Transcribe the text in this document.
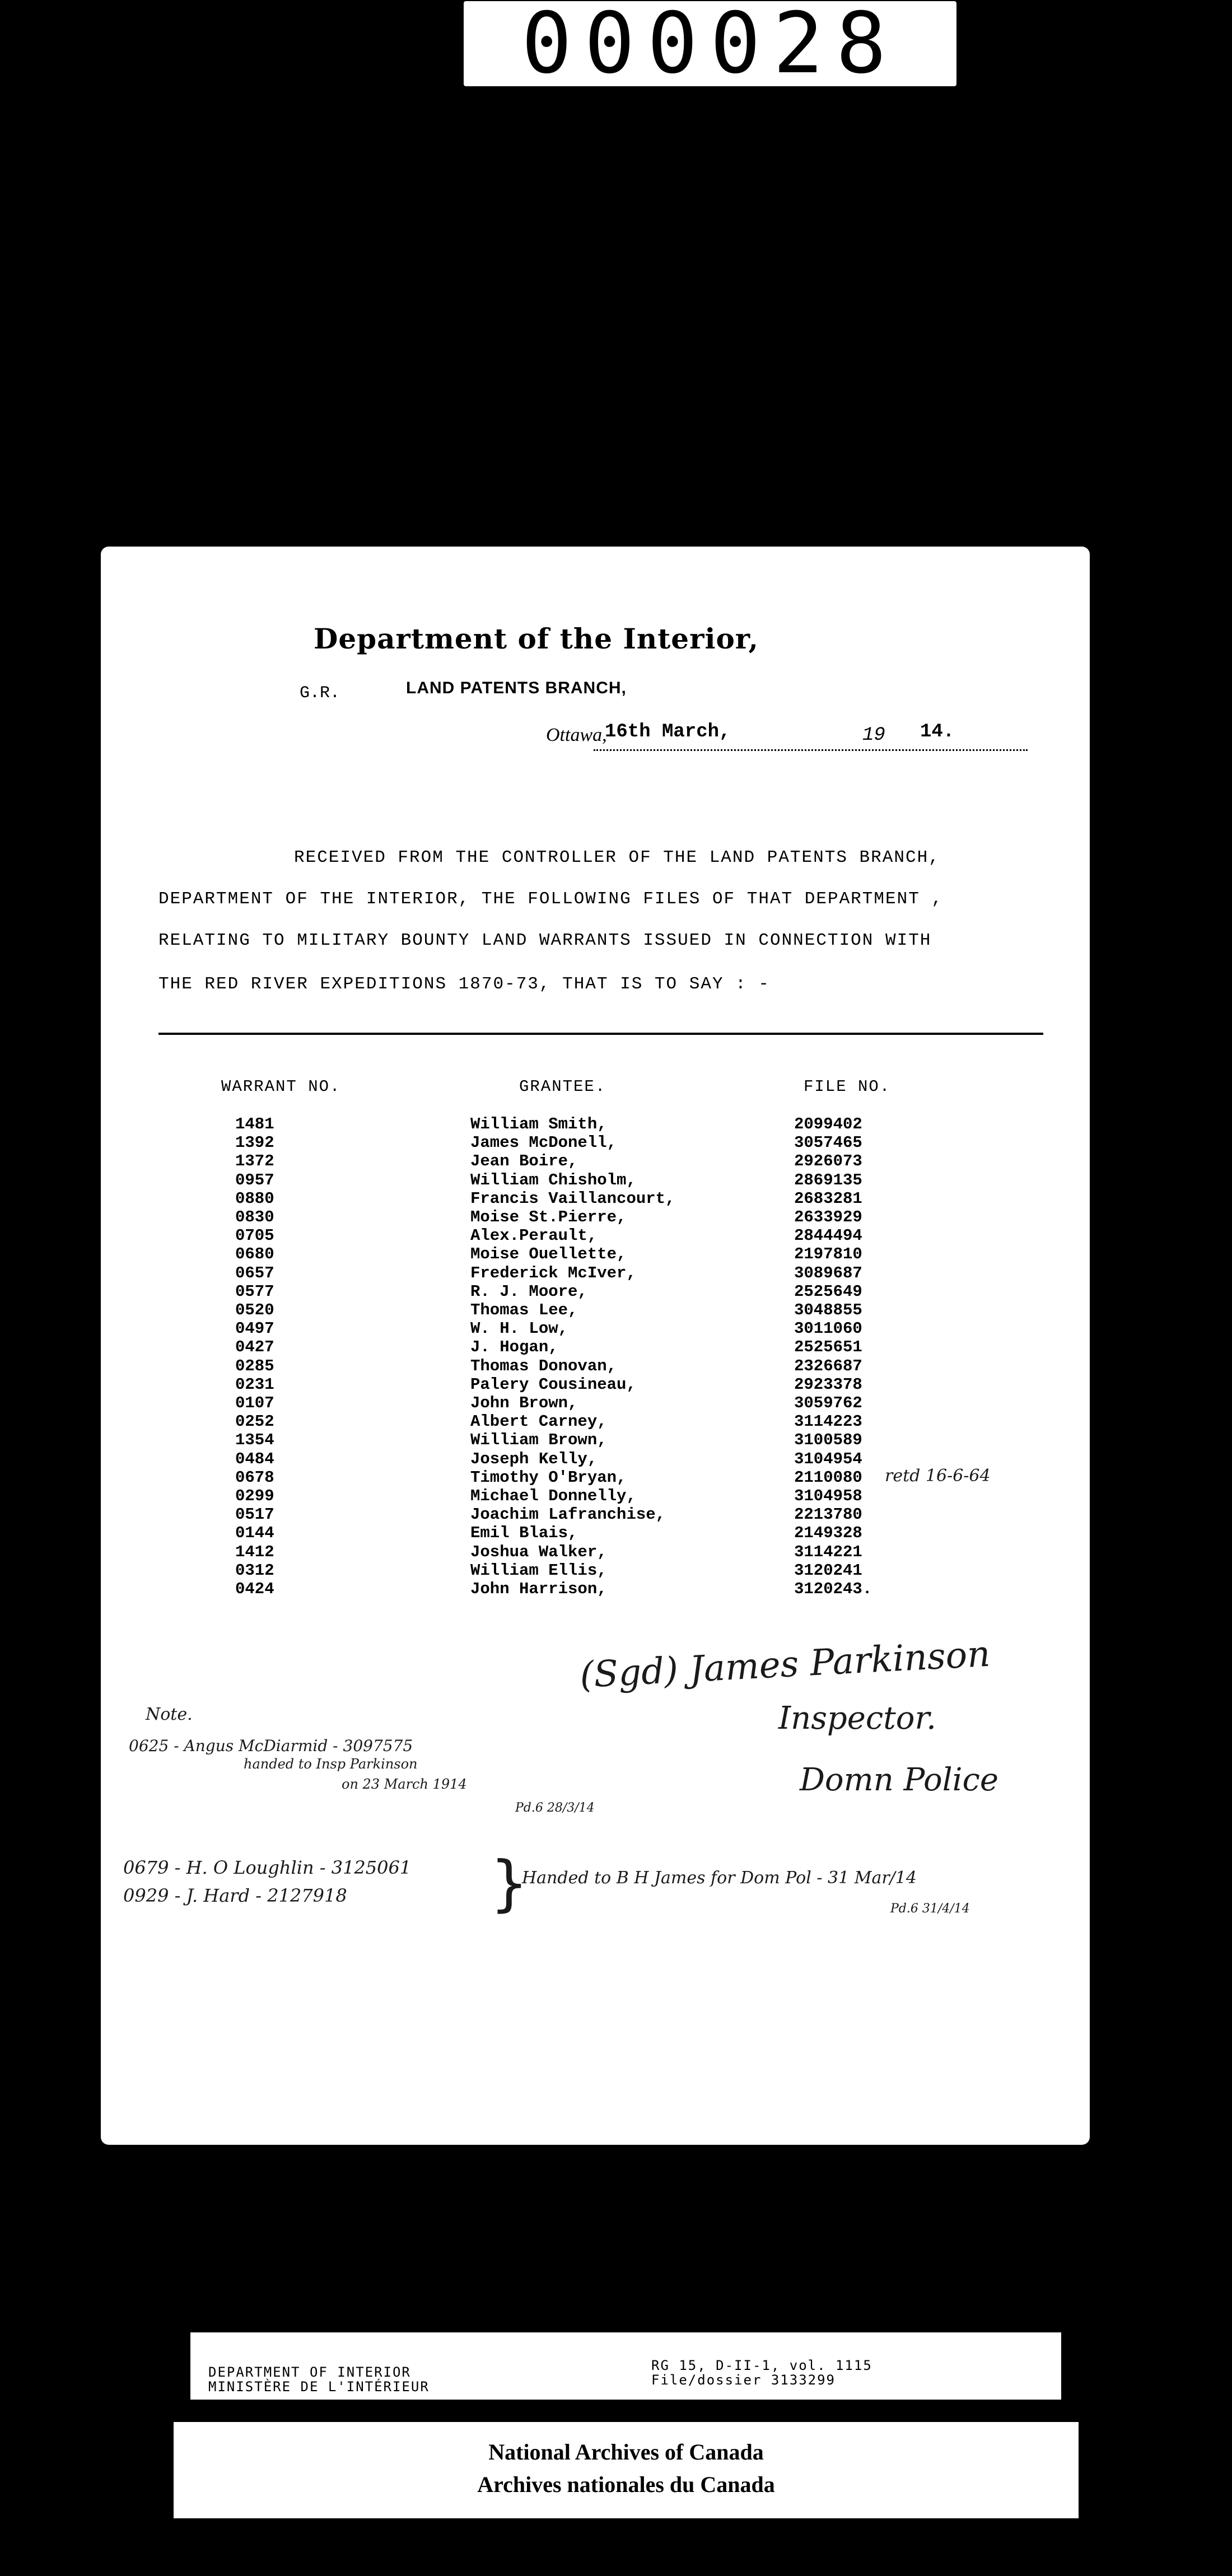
000028
Department of the Interior,
G.R.	LAND PATENTS BRANCH,
Ottawa,
16th March,	19 14.
RECEIVED FROM THE CONTROLLER OF THE LAND PATENTS BRANCH,
DEPARTMENT OF THE INTERIOR, THE FOLLOWING FILES OF THAT DEPARTMENT ,
RELATING TO MILITARY BOUNTY LAND WARRANTS ISSUED IN CONNECTION WITH
THE RED RIVER EXPEDITIONS 1870-73, THAT IS TO SAY : -
WARRANT NO.	GRANTEE.	FILE NO.
1481	William Smith,	2099402
1392	James McDonell,	3057465
1372	Jean Boire,	2926073
0957	William Chisholm,	2869135
0880	Francis Vaillancourt,	2683281
0830	Moise St.Pierre,	2633929
0705	Alex.Perault,	2844494
0680	Moise Ouellette,	2197810
0657	Frederick McIver,	3089687
0577	R. J. Moore,	2525649
0520	Thomas Lee,	3048855
0497	W. H. Low,	3011060
0427	J. Hogan,	2525651
0285	Thomas Donovan,	2326687
0231	Palery Cousineau,	2923378
0107	John Brown,	3059762
0252	Albert Carney,	3114223
1354	William Brown,	3100589
0484	Joseph Kelly,	3104954
0678	Timothy O'Bryan,	2110080
0299	Michael Donnelly,	3104958
0517	Joachim Lafranchise,	2213780
0144	Emil Blais,	2149328
1412	Joshua Walker,	3114221
0312	William Ellis,	3120241
0424	John Harrison,	3120243.
retd 16-6-64
(Sgd) James Parkinson
Inspector.
Domn Police
Note.
0625 - Angus McDiarmid - 3097575
handed to Insp Parkinson
on 23 March 1914
Pd.6 28/3/14
0679 - H. O Loughlin - 3125061
0929 - J. Hard - 2127918 }
Handed to B H James for Dom Pol - 31 Mar/14
Pd.6 31/4/14
DEPARTMENT OF INTERIOR
MINISTÈRE DE L'INTÉRIEUR
RG 15, D-II-1, vol. 1115
File/dossier 3133299
National Archives of Canada
Archives nationales du Canada
